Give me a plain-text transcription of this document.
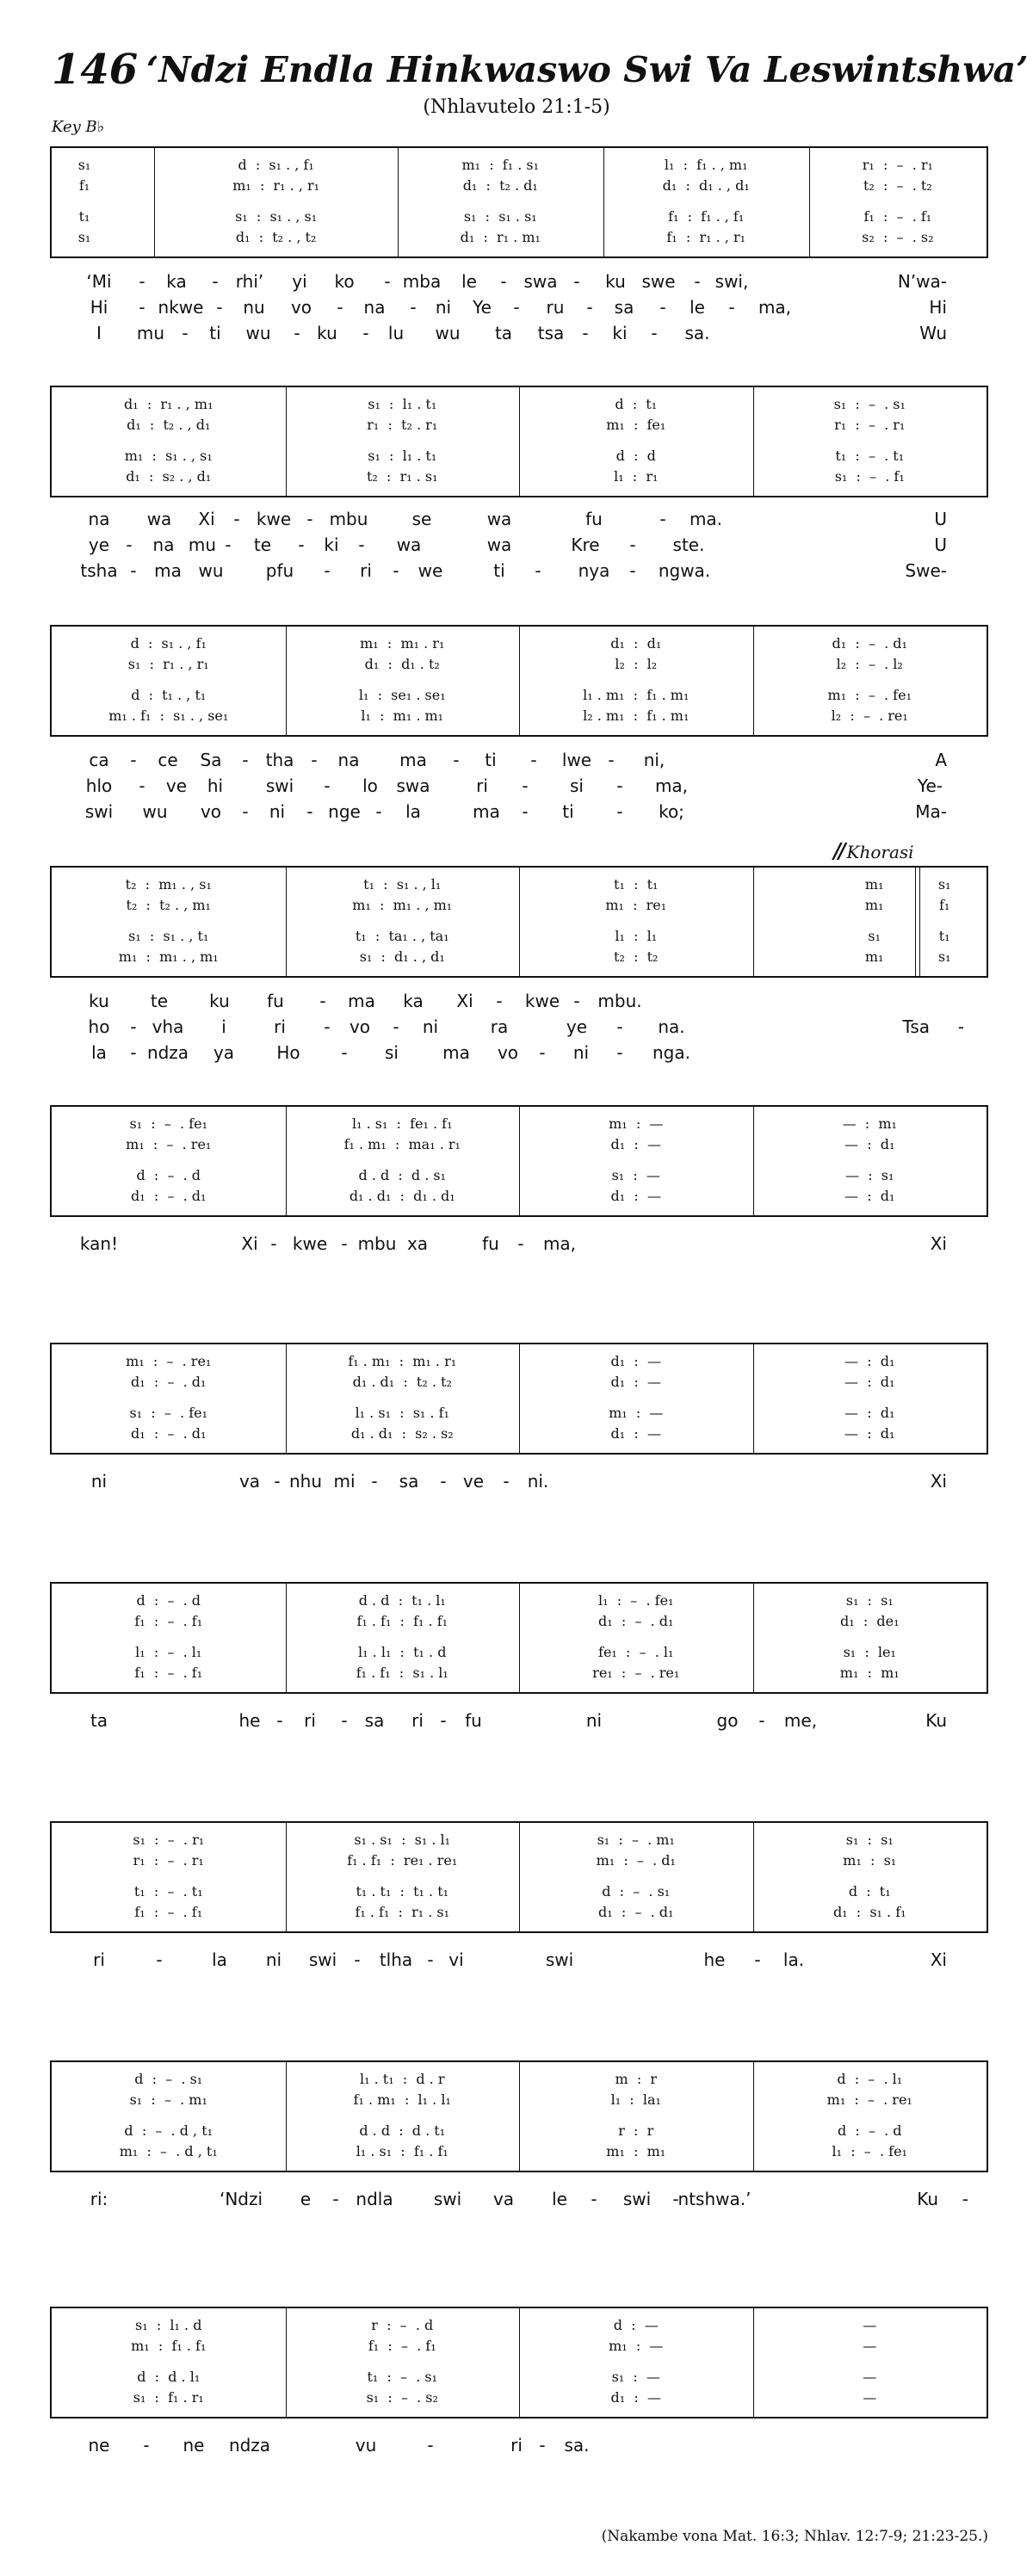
146 ‘Ndzi Endla Hinkwaswo Swi Va Leswintshwa’
(Nhlavutelo 21:1-5)
Key B♭
// Khorasi
s₁	d  :  s₁ . , f₁	m₁  :  f₁ . s₁	l₁  :  f₁ . , m₁	r₁  :  –  . r₁
f₁	m₁  :  r₁ . , r₁	d₁  :  t₂ . d₁	d₁  :  d₁ . , d₁	t₂  :  –  . t₂
t₁	s₁  :  s₁ . , s₁	s₁  :  s₁ . s₁	f₁  :  f₁ . , f₁	f₁  :  –  . f₁
s₁	d₁  :  t₂ . , t₂	d₁  :  r₁ . m₁	f₁  :  r₁ . , r₁	s₂  :  –  . s₂
‘Mi - ka - rhi’ yi ko - mba le - swa - ku swe - swi,	N’wa-
Hi - nkwe - nu vo - na - ni Ye - ru - sa - le - ma,	Hi
I mu - ti wu - ku - lu wu ta tsa - ki - sa.	Wu
d₁  :  r₁ . , m₁	s₁  :  l₁ . t₁	d  :  t₁	s₁  :  –  . s₁
d₁  :  t₂ . , d₁	r₁  :  t₂ . r₁	m₁  :  fe₁	r₁  :  –  . r₁
m₁  :  s₁ . , s₁	s₁  :  l₁ . t₁	d  :  d	t₁  :  –  . t₁
d₁  :  s₂ . , d₁	t₂  :  r₁ . s₁	l₁  :  r₁	s₁  :  –  . f₁
na wa Xi - kwe - mbu	se	wa	fu	- ma.	U
ye - na mu - te - ki - wa	wa	Kre - ste.	U
tsha - ma wu pfu - ri - we	ti - nya - ngwa.	Swe-
d  :  s₁ . , f₁	m₁  :  m₁ . r₁	d₁  :  d₁	d₁  :  –  . d₁
s₁  :  r₁ . , r₁	d₁  :  d₁ . t₂	l₂  :  l₂	l₂  :  –  . l₂
d  :  t₁ . , t₁	l₁  :  se₁ . se₁	l₁ . m₁  :  f₁ . m₁	m₁  :  –  . fe₁
m₁ . f₁  :  s₁ . , se₁	l₁  :  m₁ . m₁	l₂ . m₁  :  f₁ . m₁	l₂  :  –  . re₁
ca - ce Sa - tha - na ma - ti - lwe - ni,	A
hlo - ve hi swi - lo swa	ri - si - ma,	Ye-
swi wu vo - ni - nge - la	ma - ti - ko;	Ma-
t₂  :  m₁ . , s₁	t₁  :  s₁ . , l₁	t₁  :  t₁	m₁	s₁
t₂  :  t₂ . , m₁	m₁  :  m₁ . , m₁	m₁  :  re₁	m₁	f₁
s₁  :  s₁ . , t₁	t₁  :  ta₁ . , ta₁	l₁  :  l₁	s₁	t₁
m₁  :  m₁ . , m₁	s₁  :  d₁ . , d₁	t₂  :  t₂	m₁	s₁
ku te ku fu - ma ka Xi - kwe - mbu.
ho - vha i	ri - vo - ni	ra	ye - na.	Tsa -
la - ndza ya Ho - si	ma vo - ni - nga.
s₁  :  –  . fe₁	l₁ . s₁  :  fe₁ . f₁	m₁  :  —	—  :  m₁
m₁  :  –  . re₁	f₁ . m₁  :  ma₁ . r₁	d₁  :  —	—  :  d₁
d  :  –  . d	d . d  :  d . s₁	s₁  :  —	—  :  s₁
d₁  :  –  . d₁	d₁ . d₁  :  d₁ . d₁	d₁  :  —	—  :  d₁
kan!	Xi - kwe - mbu xa	fu - ma,	Xi
m₁  :  –  . re₁	f₁ . m₁  :  m₁ . r₁	d₁  :  —	—  :  d₁
d₁  :  –  . d₁	d₁ . d₁  :  t₂ . t₂	d₁  :  —	—  :  d₁
s₁  :  –  . fe₁	l₁ . s₁  :  s₁ . f₁	m₁  :  —	—  :  d₁
d₁  :  –  . d₁	d₁ . d₁  :  s₂ . s₂	d₁  :  —	—  :  d₁
ni	va - nhu mi - sa - ve - ni.	Xi
d  :  –  . d	d . d  :  t₁ . l₁	l₁  :  –  . fe₁	s₁  :  s₁
f₁  :  –  . f₁	f₁ . f₁  :  f₁ . f₁	d₁  :  –  . d₁	d₁  :  de₁
l₁  :  –  . l₁	l₁ . l₁  :  t₁ . d	fe₁  :  –  . l₁	s₁  :  le₁
f₁  :  –  . f₁	f₁ . f₁  :  s₁ . l₁	re₁  :  –  . re₁	m₁  :  m₁
ta	he - ri - sa ri - fu	ni	go - me,	Ku
s₁  :  –  . r₁	s₁ . s₁  :  s₁ . l₁	s₁  :  –  . m₁	s₁  :  s₁
r₁  :  –  . r₁	f₁ . f₁  :  re₁ . re₁	m₁  :  –  . d₁	m₁  :  s₁
t₁  :  –  . t₁	t₁ . t₁  :  t₁ . t₁	d  :  –  . s₁	d  :  t₁
f₁  :  –  . f₁	f₁ . f₁  :  r₁ . s₁	d₁  :  –  . d₁	d₁  :  s₁ . f₁
ri	-	la ni swi - tlha - vi	swi	he - la.	Xi
d  :  –  . s₁	l₁ . t₁  :  d . r	m  :  r	d  :  –  . l₁
s₁  :  –  . m₁	f₁ . m₁  :  l₁ . l₁	l₁  :  la₁	m₁  :  –  . re₁
d  :  –  . d , t₁	d . d  :  d . t₁	r  :  r	d  :  –  . d
m₁  :  –  . d , t₁	l₁ . s₁  :  f₁ . f₁	m₁  :  m₁	l₁  :  –  . fe₁
ri:	‘Ndzi e - ndla swi va le - swi -
ntshwa.’	Ku -
s₁  :  l₁ . d	r  :  –  . d	d  :  —	—
m₁  :  f₁ . f₁	f₁  :  –  . f₁	m₁  :  —	—
d  :  d . l₁	t₁  :  –  . s₁	s₁  :  —	—
s₁  :  f₁ . r₁	s₁  :  –  . s₂	d₁  :  —	—
ne - ne ndza	vu	-	ri - sa.
(Nakambe vona Mat. 16:3; Nhlav. 12:7-9; 21:23-25.)
